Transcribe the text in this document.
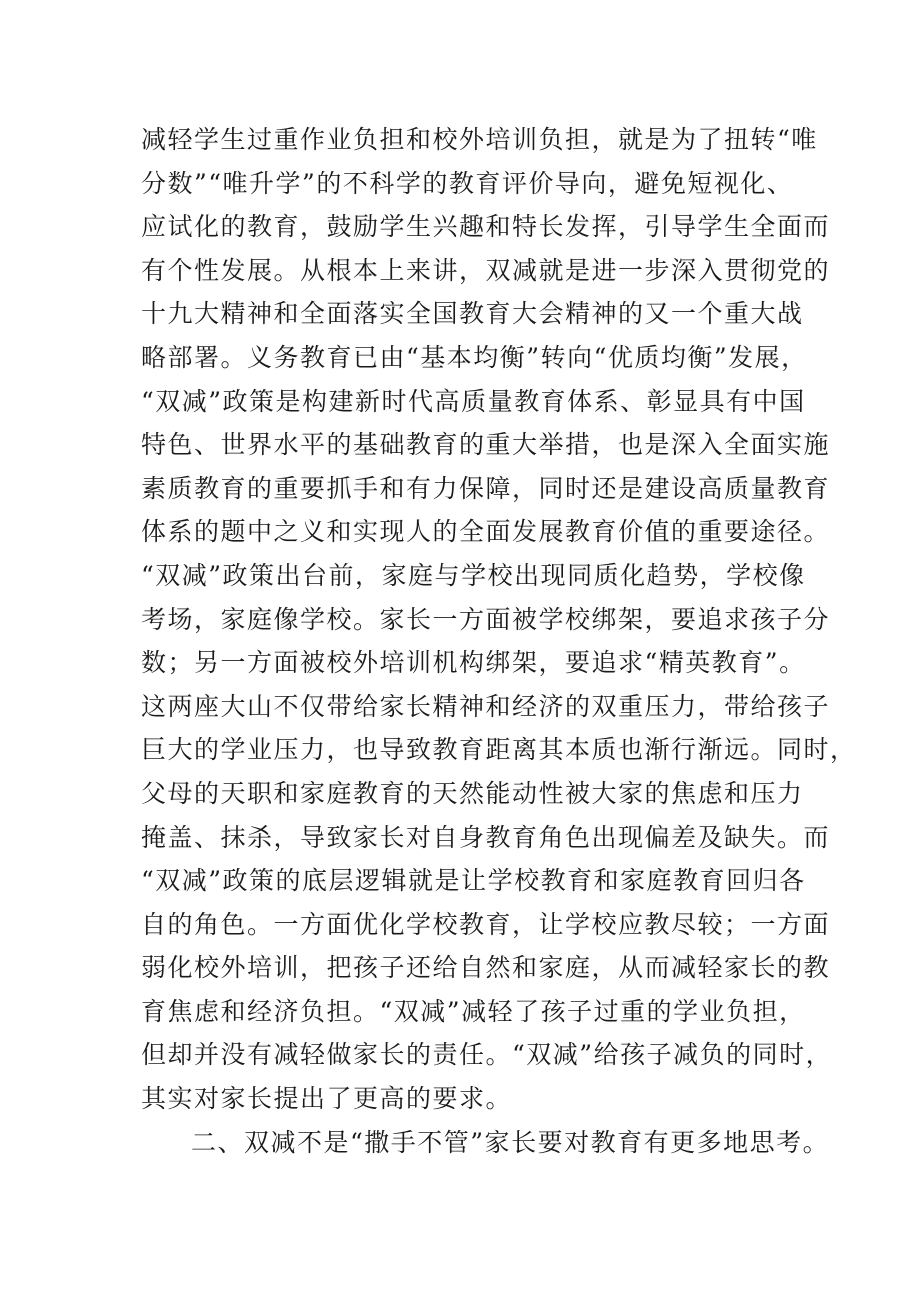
减轻学生过重作业负担和校外培训负担，就是为了扭转“唯
分数”“唯升学”的不科学的教育评价导向，避免短视化、
应试化的教育，鼓励学生兴趣和特长发挥，引导学生全面而
有个性发展。从根本上来讲，双减就是进一步深入贯彻党的
十九大精神和全面落实全国教育大会精神的又一个重大战
略部署。义务教育已由“基本均衡”转向“优质均衡”发展，
“双减”政策是构建新时代高质量教育体系、彰显具有中国
特色、世界水平的基础教育的重大举措，也是深入全面实施
素质教育的重要抓手和有力保障，同时还是建设高质量教育
体系的题中之义和实现人的全面发展教育价值的重要途径。
“双减”政策出台前，家庭与学校出现同质化趋势，学校像
考场，家庭像学校。家长一方面被学校绑架，要追求孩子分
数；另一方面被校外培训机构绑架，要追求“精英教育”。
这两座大山不仅带给家长精神和经济的双重压力，带给孩子
巨大的学业压力，也导致教育距离其本质也渐行渐远。同时，
父母的天职和家庭教育的天然能动性被大家的焦虑和压力
掩盖、抹杀，导致家长对自身教育角色出现偏差及缺失。而
“双减”政策的底层逻辑就是让学校教育和家庭教育回归各
自的角色。一方面优化学校教育，让学校应教尽较；一方面
弱化校外培训，把孩子还给自然和家庭，从而减轻家长的教
育焦虑和经济负担。“双减”减轻了孩子过重的学业负担，
但却并没有减轻做家长的责任。“双减”给孩子减负的同时，
其实对家长提出了更高的要求。
二、双减不是“撒手不管”家长要对教育有更多地思考。
